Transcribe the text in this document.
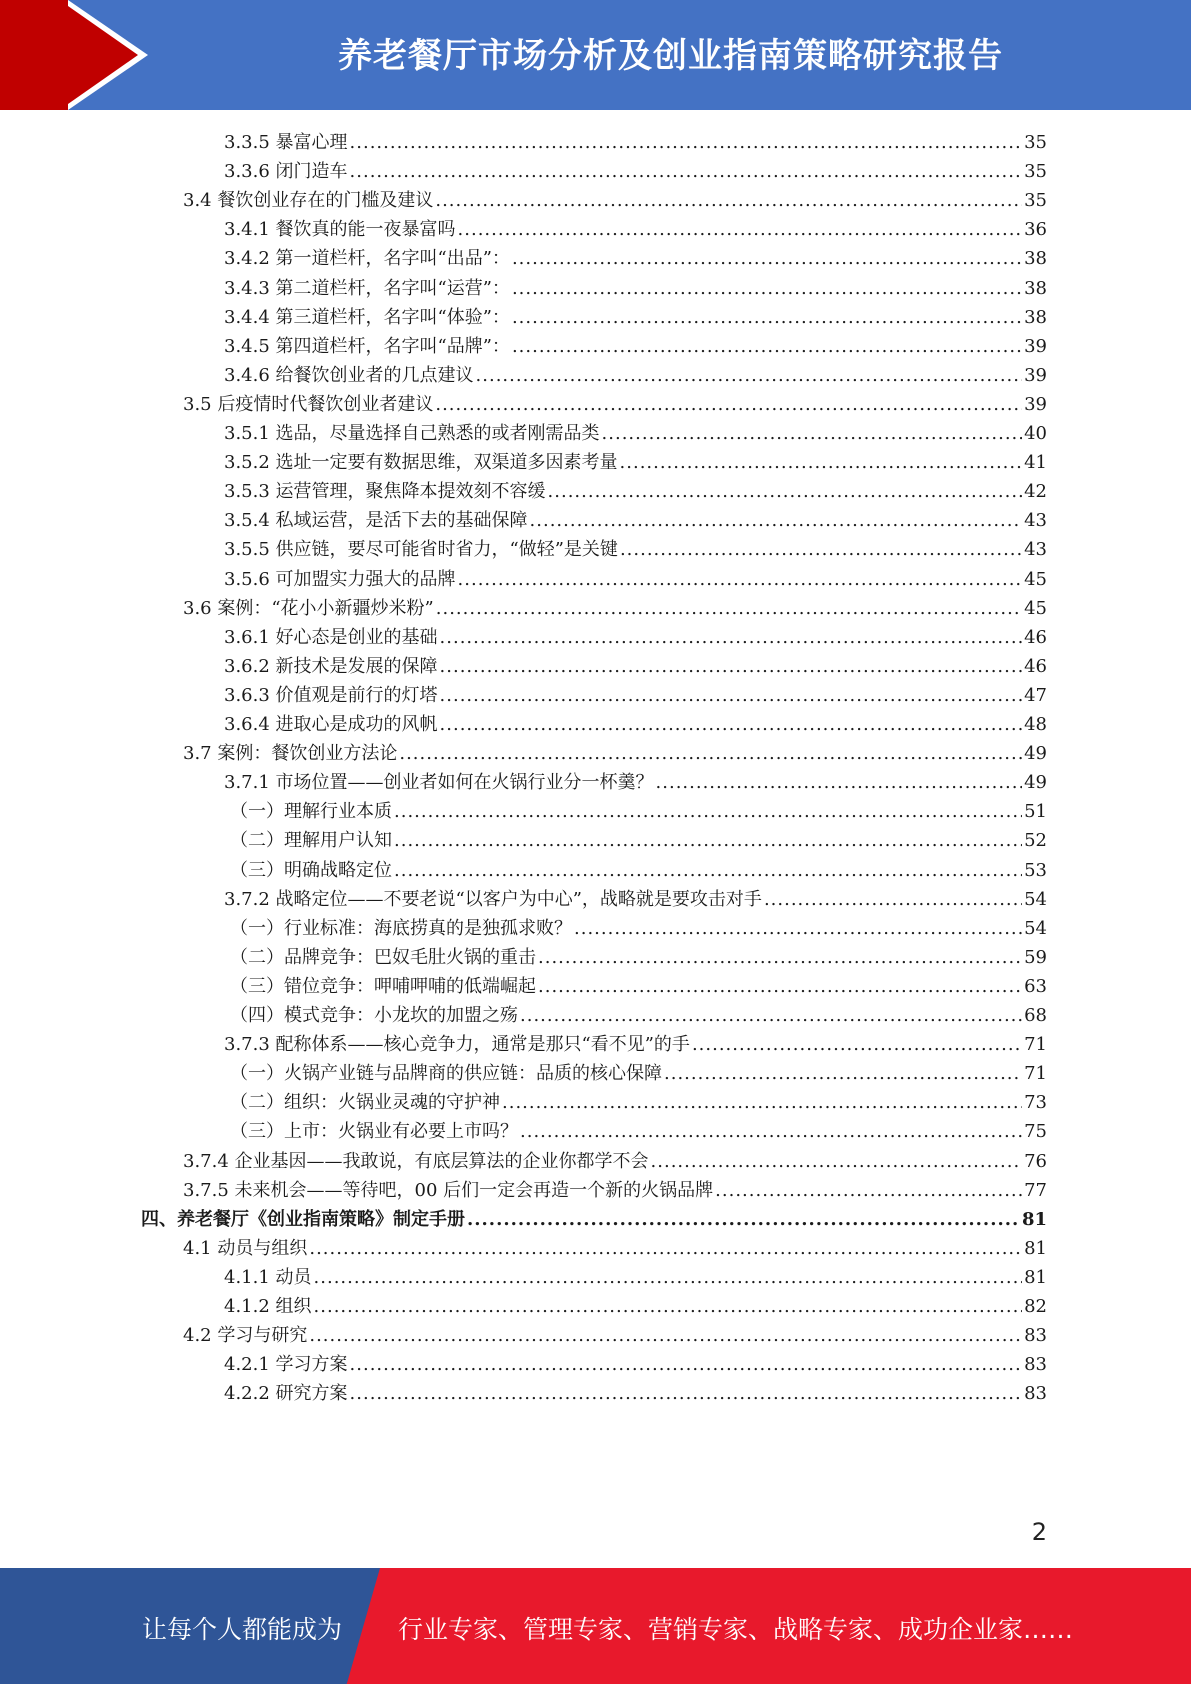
养老餐厅市场分析及创业指南策略研究报告
3.3.5 暴富心理 .....	35
3.3.6 闭门造车 .....	35
3.4 餐饮创业存在的门槛及建议 .....	35
3.4.1 餐饮真的能一夜暴富吗 .....	36
3.4.2 第一道栏杆，名字叫“出品”： .....	38
3.4.3 第二道栏杆，名字叫“运营”： .....	38
3.4.4 第三道栏杆，名字叫“体验”： .....	38
3.4.5 第四道栏杆，名字叫“品牌”： .....	39
3.4.6 给餐饮创业者的几点建议 .....	39
3.5 后疫情时代餐饮创业者建议 .....	39
3.5.1 选品，尽量选择自己熟悉的或者刚需品类 .....	40
3.5.2 选址一定要有数据思维，双渠道多因素考量 .....	41
3.5.3 运营管理，聚焦降本提效刻不容缓 .....	42
3.5.4 私域运营，是活下去的基础保障 .....	43
3.5.5 供应链，要尽可能省时省力，“做轻”是关键 .....	43
3.5.6 可加盟实力强大的品牌 .....	45
3.6 案例：“花小小新疆炒米粉” .....	45
3.6.1 好心态是创业的基础 .....	46
3.6.2 新技术是发展的保障 .....	46
3.6.3 价值观是前行的灯塔 .....	47
3.6.4 进取心是成功的风帆 .....	48
3.7 案例：餐饮创业方法论 .....	49
3.7.1 市场位置——创业者如何在火锅行业分一杯羹？ .....	49
（一）理解行业本质 .....	51
（二）理解用户认知 .....	52
（三）明确战略定位 .....	53
3.7.2 战略定位——不要老说“以客户为中心”，战略就是要攻击对手 .....	54
（一）行业标准：海底捞真的是独孤求败？ .....	54
（二）品牌竞争：巴奴毛肚火锅的重击 .....	59
（三）错位竞争：呷哺呷哺的低端崛起 .....	63
（四）模式竞争：小龙坎的加盟之殇 .....	68
3.7.3 配称体系——核心竞争力，通常是那只“看不见”的手 .....	71
（一）火锅产业链与品牌商的供应链：品质的核心保障 .....	71
（二）组织：火锅业灵魂的守护神 .....	73
（三）上市：火锅业有必要上市吗？ .....	75
3.7.4 企业基因——我敢说，有底层算法的企业你都学不会 .....	76
3.7.5 未来机会——等待吧，00 后们一定会再造一个新的火锅品牌 .....	77
四、养老餐厅《创业指南策略》制定手册 .....	81
4.1 动员与组织 .....	81
4.1.1 动员 .....	81
4.1.2 组织 .....	82
4.2 学习与研究 .....	83
4.2.1 学习方案 .....	83
4.2.2 研究方案 .....	83
2
让每个人都能成为 行业专家、管理专家、营销专家、战略专家、成功企业家……
